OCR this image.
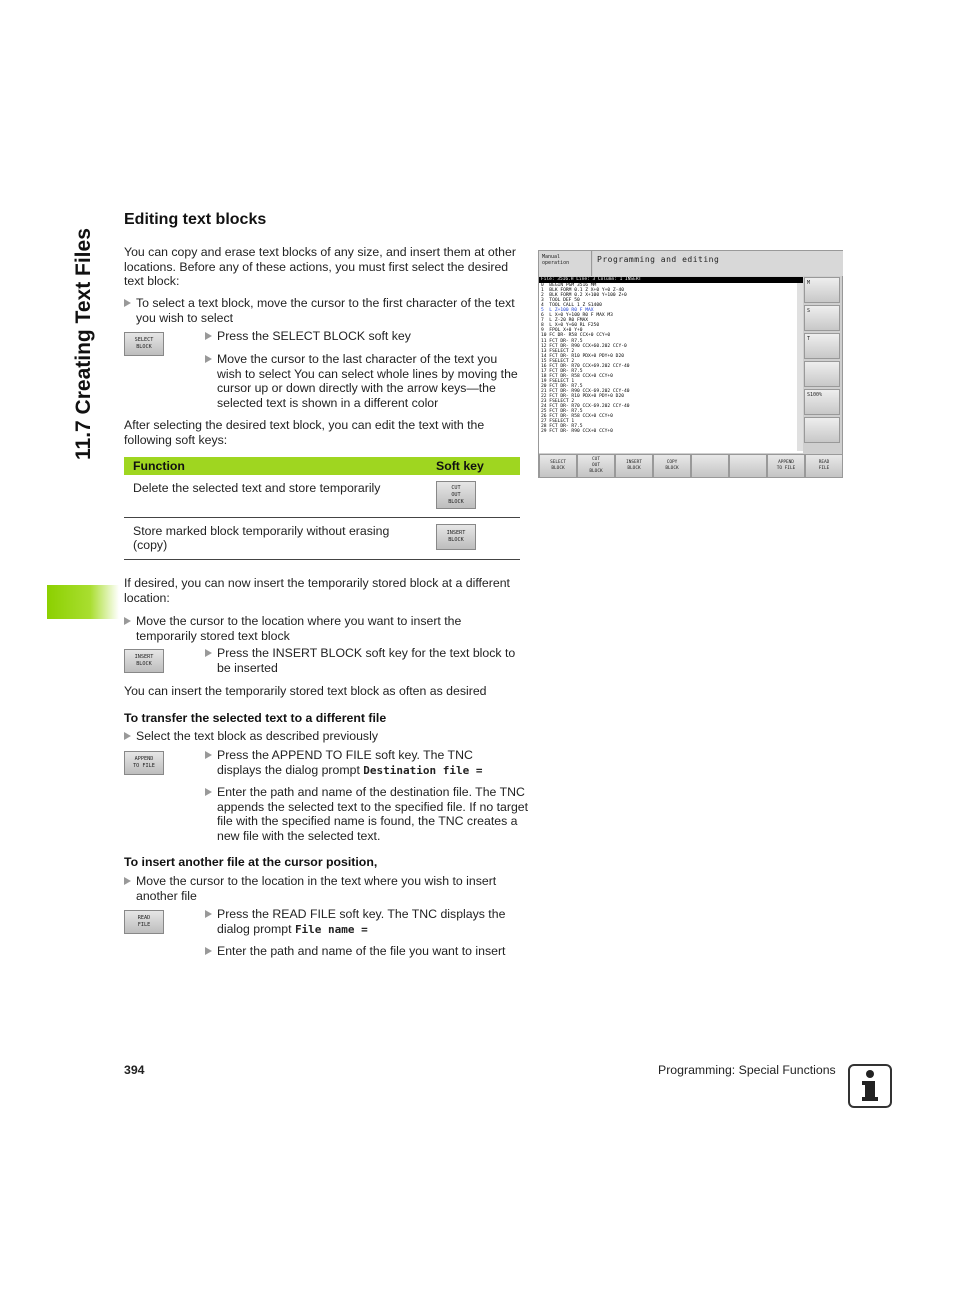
11.7 Creating Text Files
Editing text blocks
You can copy and erase text blocks of any size, and insert them at other locations. Before any of these actions, you must first select the desired text block:
To select a text block, move the cursor to the first character of the text you wish to select
SELECT
BLOCK
Press the SELECT BLOCK soft key
Move the cursor to the last character of the text you wish to select You can select whole lines by moving the cursor up or down directly with the arrow keys—the selected text is shown in a different color
After selecting the desired text block, you can edit the text with the following soft keys:
Function	Soft key
Delete the selected text and store temporarily	CUT
OUT
BLOCK

Store marked block temporarily without erasing (copy)	INSERT
BLOCK
If desired, you can now insert the temporarily stored block at a different location:
Move the cursor to the location where you want to insert the temporarily stored text block
INSERT
BLOCK
Press the INSERT BLOCK soft key for the text block to be inserted
You can insert the temporarily stored text block as often as desired
To transfer the selected text to a different file
Select the text block as described previously
APPEND
TO FILE
Press the APPEND TO FILE soft key. The TNC displays the dialog prompt Destination file =
Enter the path and name of the destination file. The TNC appends the selected text to the specified file. If no target file with the specified name is found, the TNC creates a new file with the selected text.
To insert another file at the cursor position,
Move the cursor to the location in the text where you wish to insert another file
READ
FILE
Press the READ FILE soft key. The TNC displays the dialog prompt File name =
Enter the path and name of the file you want to insert
Manual
operation	Programming and editing
File: 3516.H Line: 3 Column: 1 INSERT
0  BEGIN PGM 3516 MM
1  BLK FORM 0.1 Z X+0 Y+0 Z-40
2  BLK FORM 0.2 X+100 Y+100 Z+0
3  TOOL DEF 50
4  TOOL CALL 1 Z S1400
5  L Z+100 R0 F MAX
6  L X+0 Y+100 R0 F MAX M3
7  L Z-20 R0 FMAX
8  L X+0 Y+60 RL F250
9  FPOL X+0 Y+0
10 FC DR- R58 CCX+0 CCY+0
11 FCT DR- R7.5
12 FCT DR- R90 CCX+60.202 CCY-0
13 FSELECT 2
14 FCT DR- R10 PDX+0 PDY+0 D20
15 FSELECT 2
16 FCT DR- R70 CCX+69.202 CCY-40
17 FCT DR- R7.5
18 FCT DR- R58 CCX+0 CCY+0
19 FSELECT 1
20 FCT DR- R7.5
21 FCT DR- R90 CCX-69.202 CCY-40
22 FCT DR- R10 PDX+0 PDY+0 D20
23 FSELECT 2
24 FCT DR- R70 CCX-69.202 CCY-40
25 FCT DR- R7.5
26 FCT DR- R58 CCX+0 CCY+0
27 FSELECT 1
28 FCT DR- R7.5
29 FCT DR- R90 CCX+0 CCY+0
M
S
T
S100%
SELECT
BLOCK
CUT
OUT
BLOCK
INSERT
BLOCK
COPY
BLOCK
APPEND
TO FILE
READ
FILE
394	Programming: Special Functions
